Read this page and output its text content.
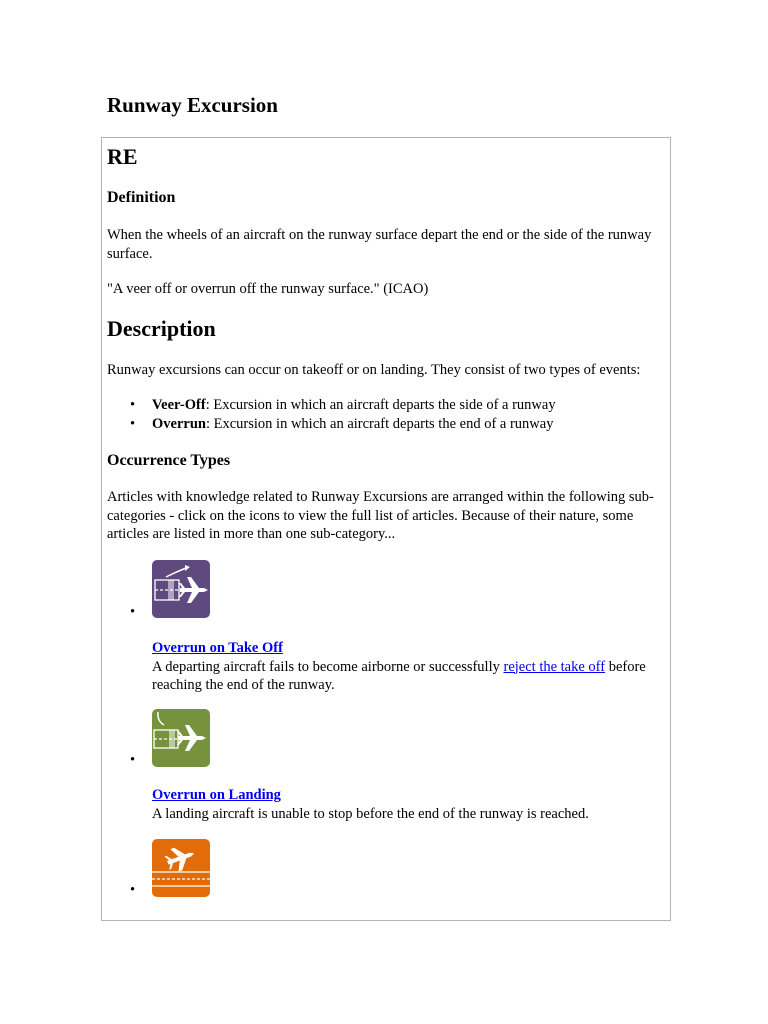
Runway Excursion
RE
Definition

When the wheels of an aircraft on the runway surface depart the end or the side of the runway surface.

"A veer off or overrun off the runway surface." (ICAO)

Description

Runway excursions can occur on takeoff or on landing. They consist of two types of events:

• Veer-Off: Excursion in which an aircraft departs the side of a runway
• Overrun: Excursion in which an aircraft departs the end of a runway
Occurrence Types

Articles with knowledge related to Runway Excursions are arranged within the following sub-categories - click on the icons to view the full list of articles. Because of their nature, some articles are listed in more than one sub-category...

•
Overrun on Take Off
A departing aircraft fails to become airborne or successfully reject the take off before reaching the end of the runway.
•
Overrun on Landing
A landing aircraft is unable to stop before the end of the runway is reached.
•
